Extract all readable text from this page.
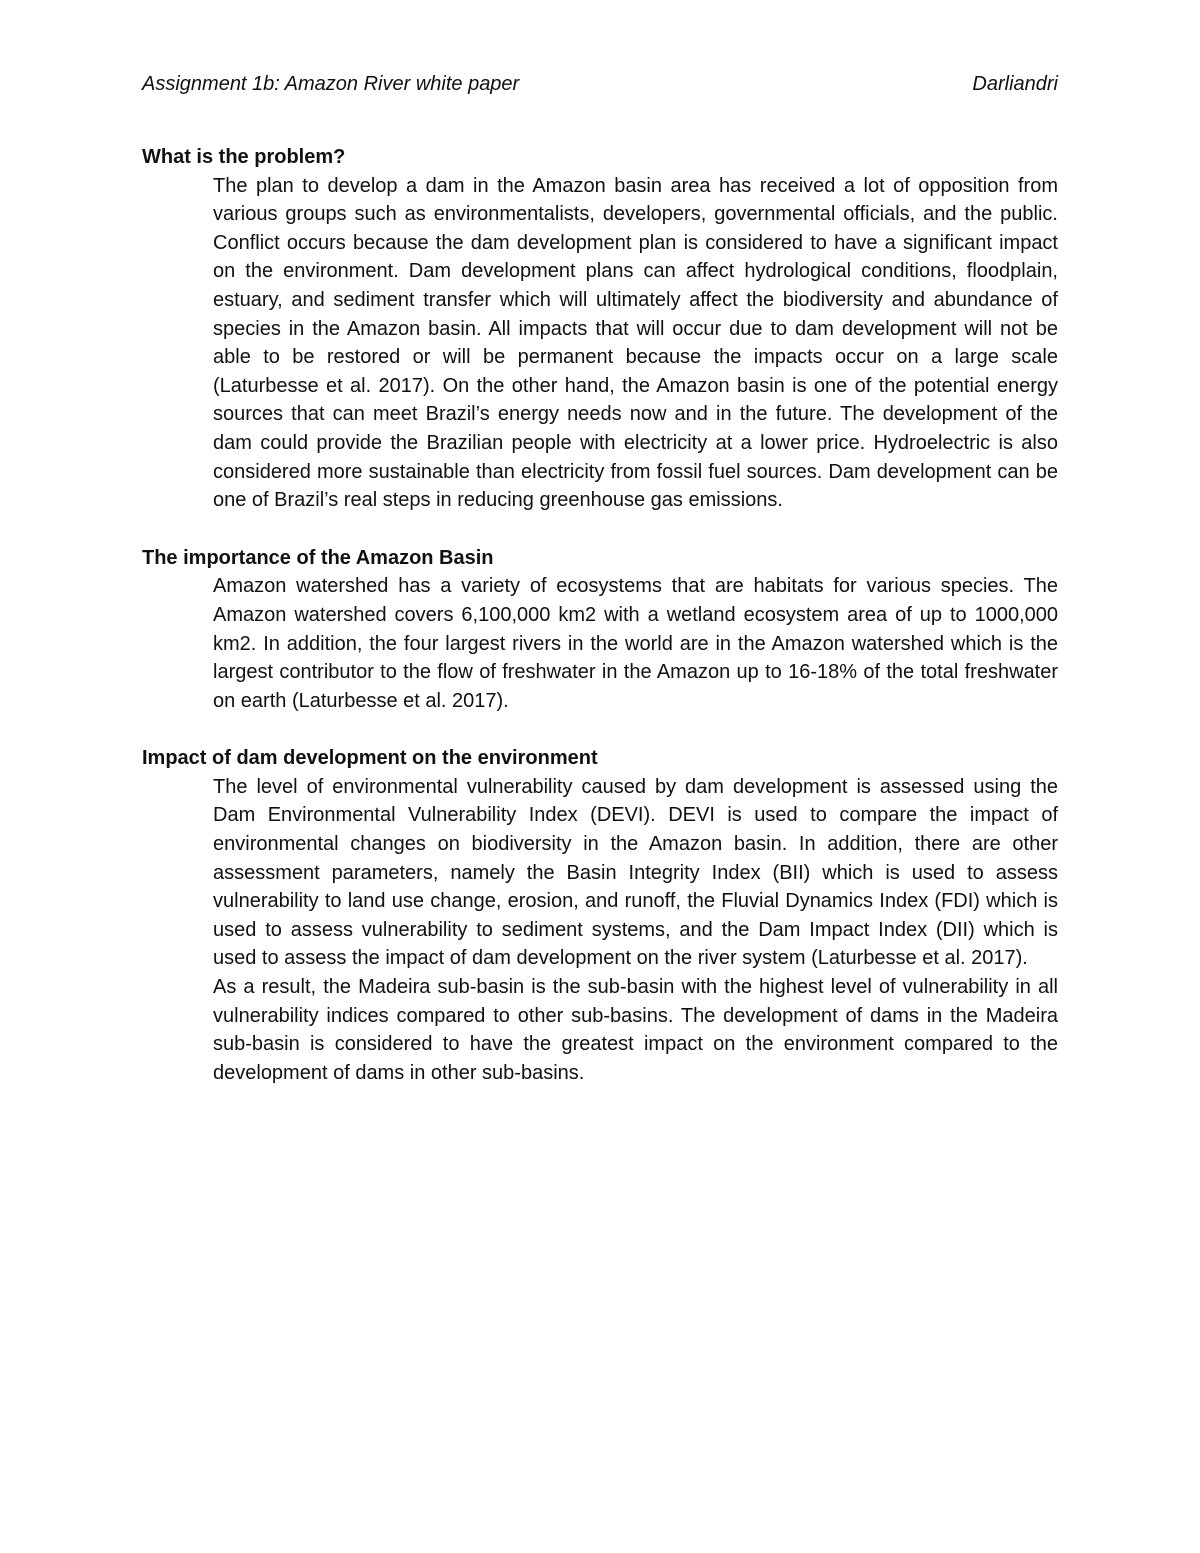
Assignment 1b: Amazon River white paper	Darliandri

What is the problem?

The plan to develop a dam in the Amazon basin area has received a lot of opposition from various groups such as environmentalists, developers, governmental officials, and the public. Conflict occurs because the dam development plan is considered to have a significant impact on the environment. Dam development plans can affect hydrological conditions, floodplain, estuary, and sediment transfer which will ultimately affect the biodiversity and abundance of species in the Amazon basin. All impacts that will occur due to dam development will not be able to be restored or will be permanent because the impacts occur on a large scale (Laturbesse et al. 2017). On the other hand, the Amazon basin is one of the potential energy sources that can meet Brazil’s energy needs now and in the future. The development of the dam could provide the Brazilian people with electricity at a lower price. Hydroelectric is also considered more sustainable than electricity from fossil fuel sources. Dam development can be one of Brazil’s real steps in reducing greenhouse gas emissions.

The importance of the Amazon Basin

Amazon watershed has a variety of ecosystems that are habitats for various species. The Amazon watershed covers 6,100,000 km2 with a wetland ecosystem area of up to 1000,000 km2. In addition, the four largest rivers in the world are in the Amazon watershed which is the largest contributor to the flow of freshwater in the Amazon up to 16-18% of the total freshwater on earth (Laturbesse et al. 2017).

Impact of dam development on the environment

The level of environmental vulnerability caused by dam development is assessed using the Dam Environmental Vulnerability Index (DEVI). DEVI is used to compare the impact of environmental changes on biodiversity in the Amazon basin. In addition, there are other assessment parameters, namely the Basin Integrity Index (BII) which is used to assess vulnerability to land use change, erosion, and runoff, the Fluvial Dynamics Index (FDI) which is used to assess vulnerability to sediment systems, and the Dam Impact Index (DII) which is used to assess the impact of dam development on the river system (Laturbesse et al. 2017).

As a result, the Madeira sub-basin is the sub-basin with the highest level of vulnerability in all vulnerability indices compared to other sub-basins. The development of dams in the Madeira sub-basin is considered to have the greatest impact on the environment compared to the development of dams in other sub-basins.
